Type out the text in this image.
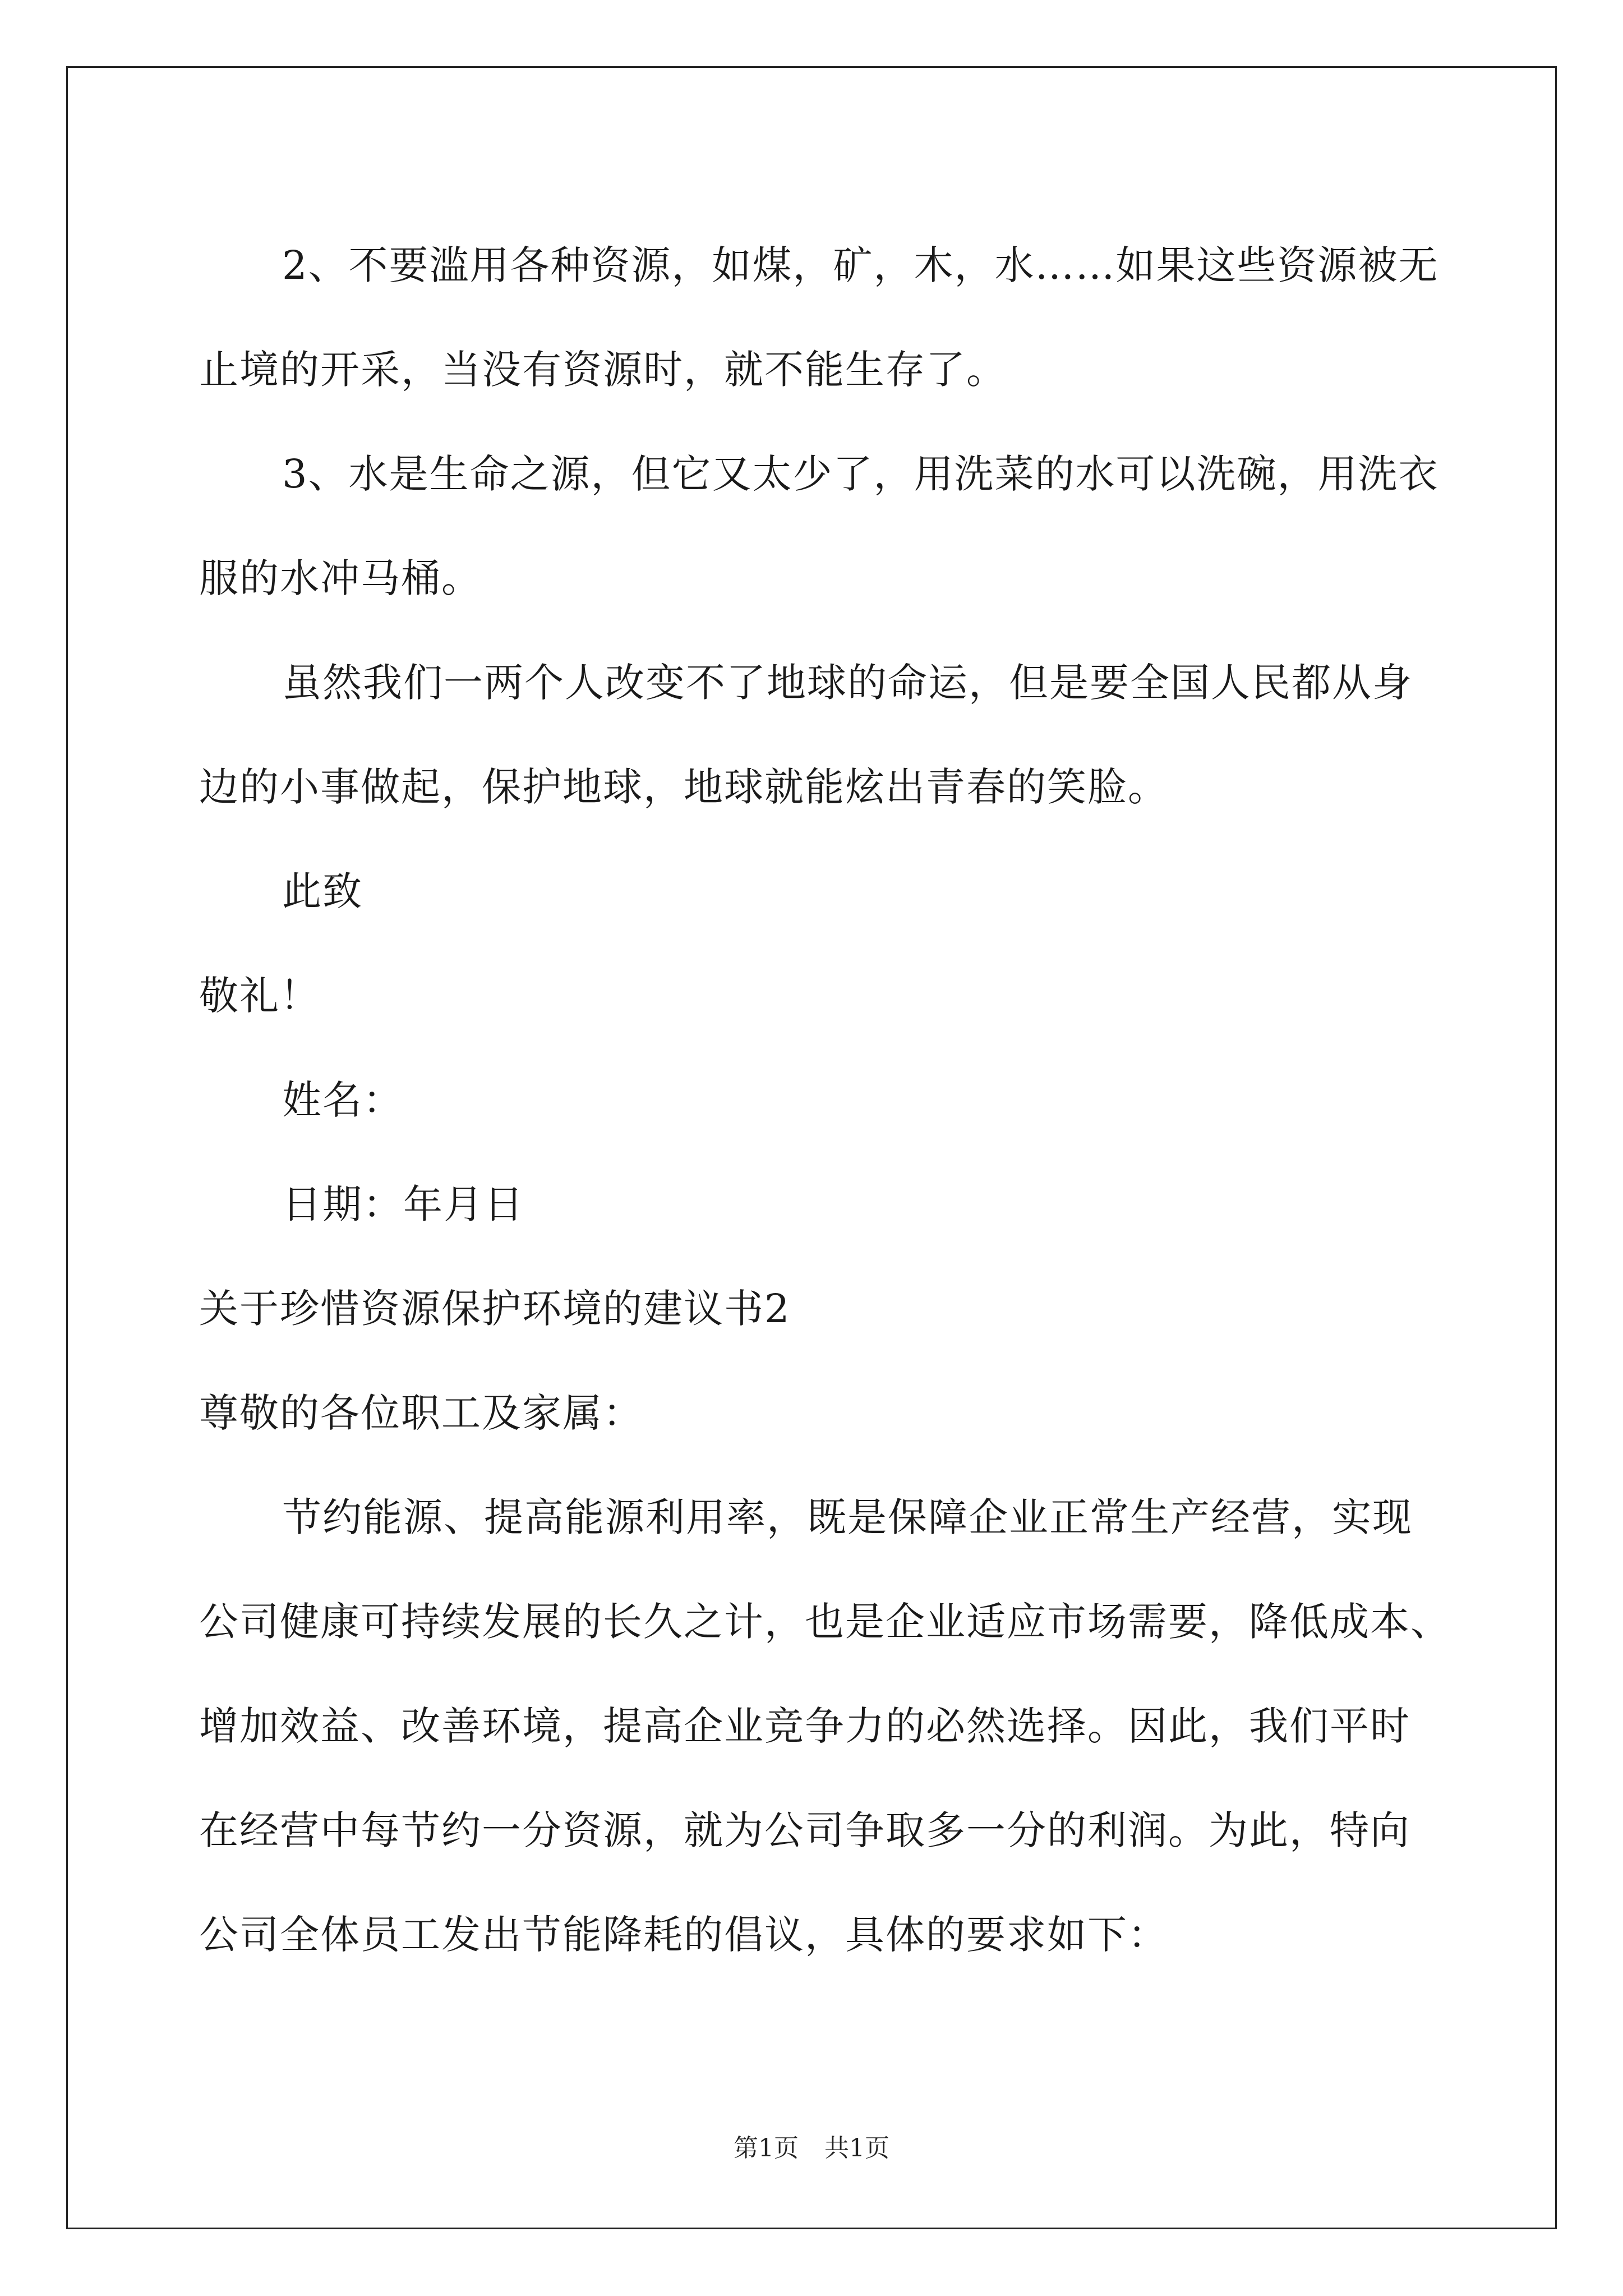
2、不要滥用各种资源，如煤，矿，木，水……如果这些资源被无
止境的开采，当没有资源时，就不能生存了。
3、水是生命之源，但它又太少了，用洗菜的水可以洗碗，用洗衣
服的水冲马桶。
虽然我们一两个人改变不了地球的命运，但是要全国人民都从身
边的小事做起，保护地球，地球就能炫出青春的笑脸。
此致
敬礼！
姓名：
日期：年月日
关于珍惜资源保护环境的建议书2
尊敬的各位职工及家属：
节约能源、提高能源利用率，既是保障企业正常生产经营，实现
公司健康可持续发展的长久之计，也是企业适应市场需要，降低成本、
增加效益、改善环境，提高企业竞争力的必然选择。因此，我们平时
在经营中每节约一分资源，就为公司争取多一分的利润。为此，特向
公司全体员工发出节能降耗的倡议，具体的要求如下：
第1页 共1页
